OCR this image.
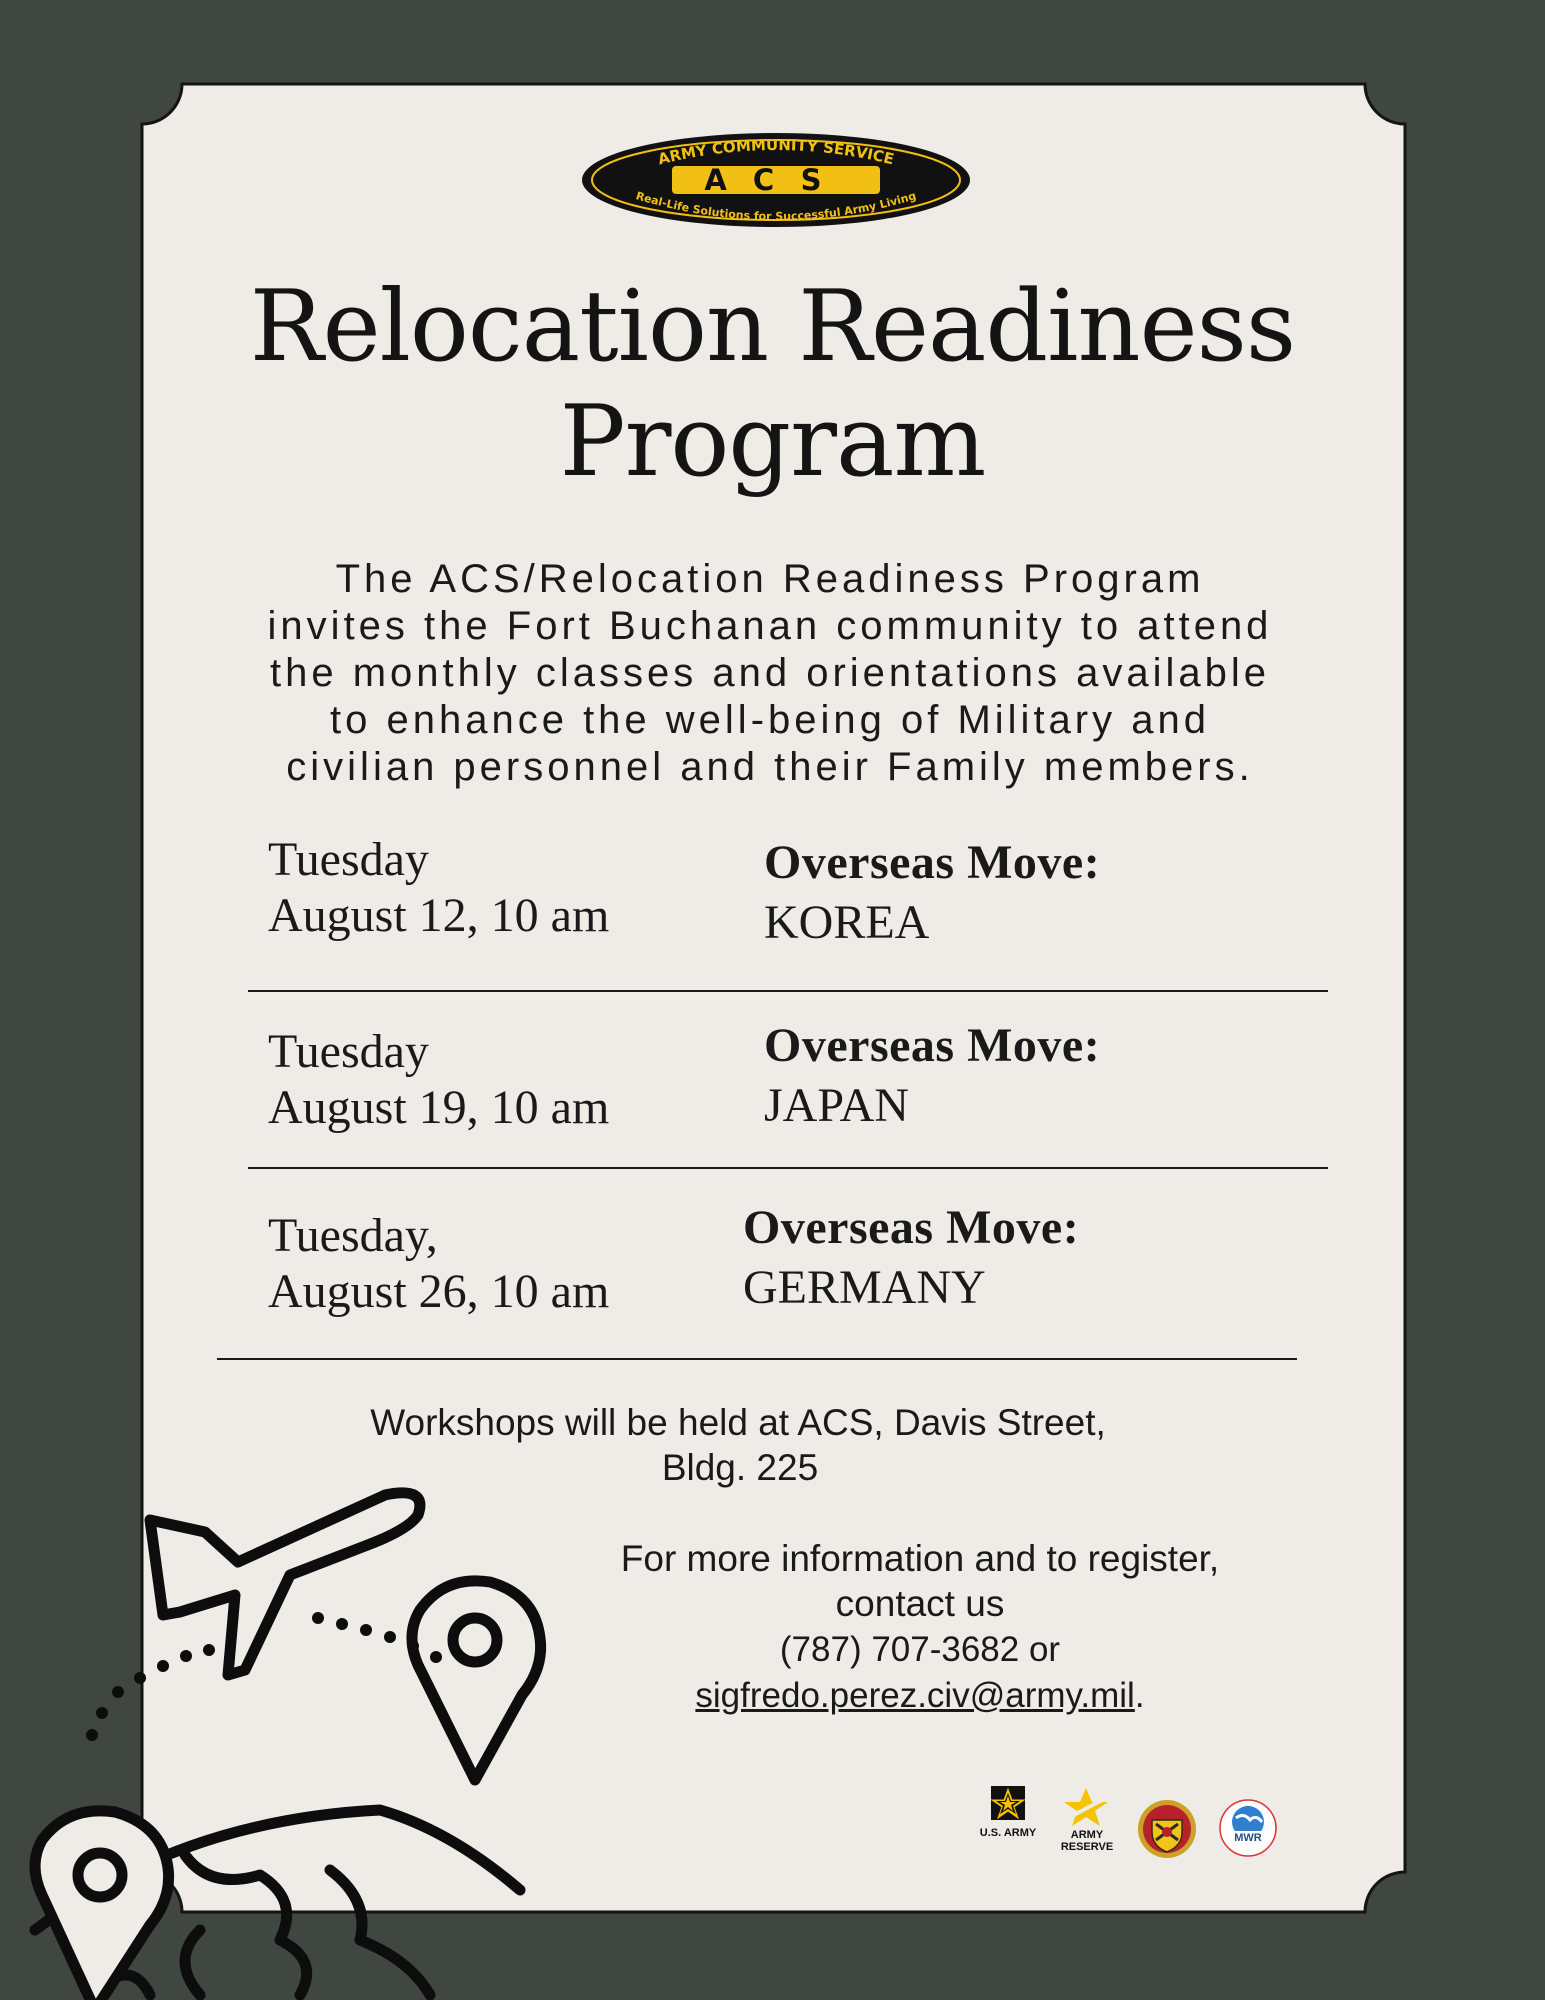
ACS
ARMY COMMUNITY SERVICE
Real-Life Solutions for Successful Army Living
Relocation Readiness
Program
The ACS/Relocation Readiness Program
invites the Fort Buchanan community to attend
the monthly classes and orientations available
to enhance the well-being of Military and
civilian personnel and their Family members.
Tuesday
August 12, 10 am
Overseas Move:
KOREA
Tuesday
August 19, 10 am
Overseas Move:
JAPAN
Tuesday,
August 26, 10 am
Overseas Move:
GERMANY
Workshops will be held at ACS, Davis Street,
Bldg. 225
For more information and to register,
contact us
(787) 707-3682 or
sigfredo.perez.civ@army.mil.
U.S. ARMY	ARMY
RESERVE
MWR
